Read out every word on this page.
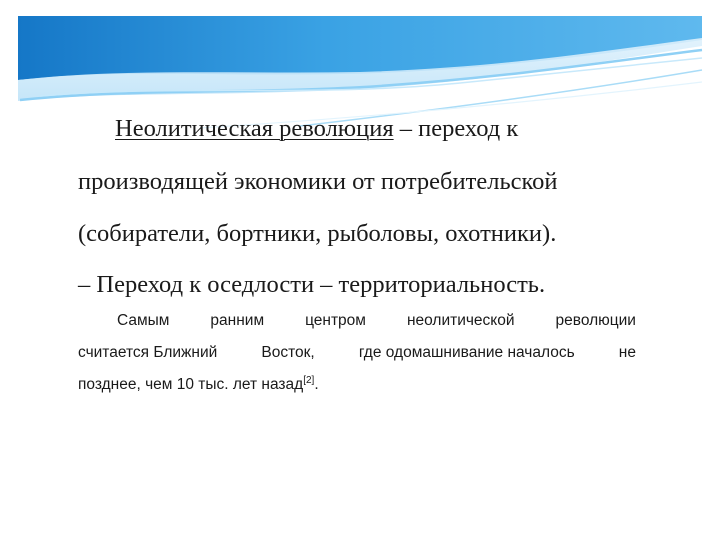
Неолитическая революция – переход к
производящей экономики от потребительской
(собиратели, бортники, рыболовы, охотники).
– Переход к оседлости – территориальность.
Самым	ранним	центром	неолитической	революции
считается Ближний	Восток,	где одомашнивание началось	не
позднее, чем 10 тыс. лет назад[2].
